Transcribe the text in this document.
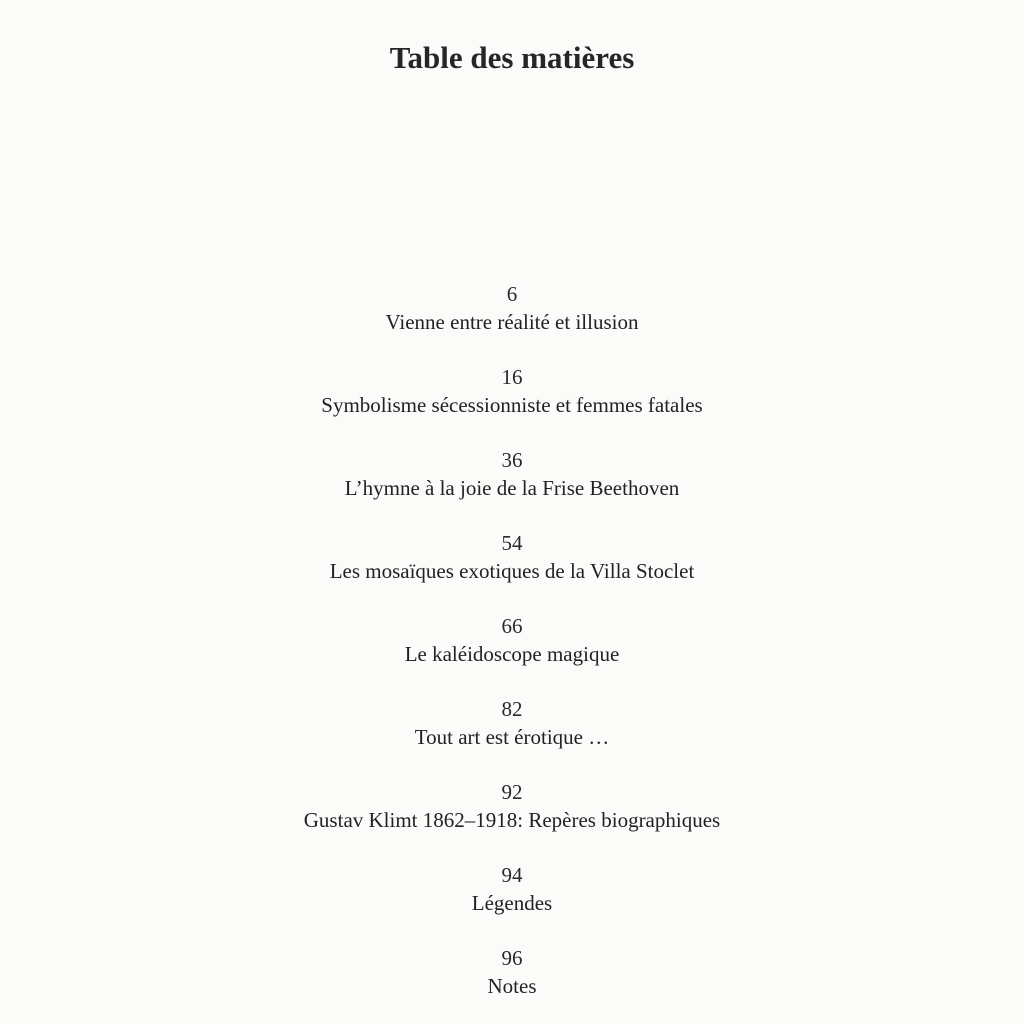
Table des matières
6
Vienne entre réalité et illusion
16
Symbolisme sécessionniste et femmes fatales
36
L’hymne à la joie de la Frise Beethoven
54
Les mosaïques exotiques de la Villa Stoclet
66
Le kaléidoscope magique
82
Tout art est érotique …
92
Gustav Klimt 1862–1918: Repères biographiques
94
Légendes
96
Notes
